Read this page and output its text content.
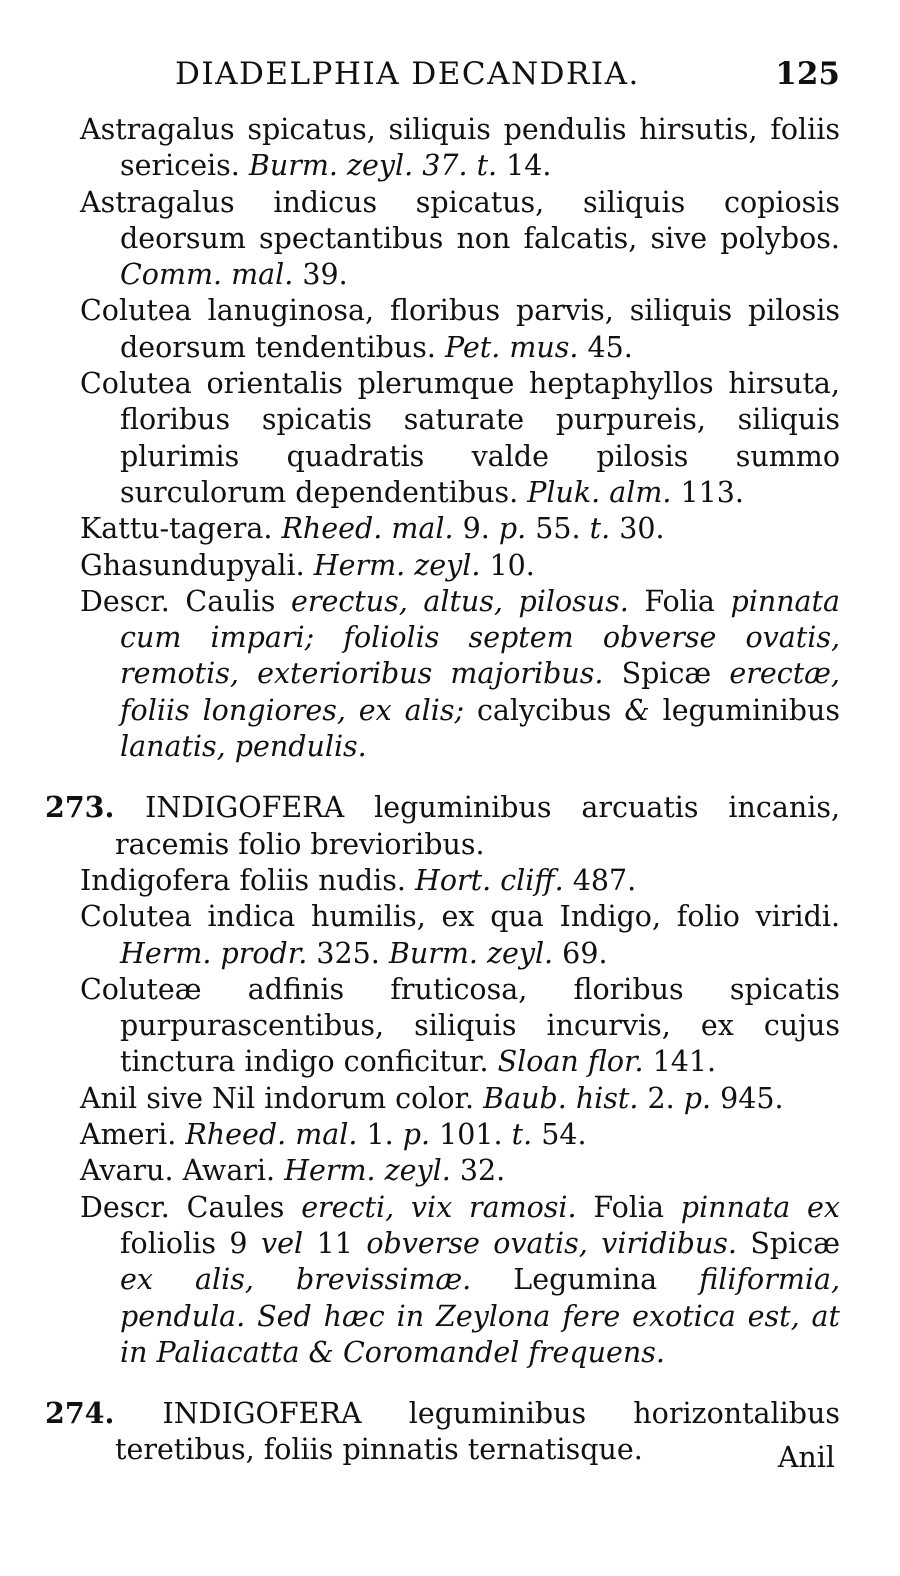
DIADELPHIA DECANDRIA.	125

Astragalus spicatus, siliquis pendulis hirsutis, foliis sericeis. Burm. zeyl. 37. t. 14.

Astragalus indicus spicatus, siliquis copiosis deorsum spectantibus non falcatis, sive polybos. Comm. mal. 39.

Colutea lanuginosa, floribus parvis, siliquis pilosis deorsum tendentibus. Pet. mus. 45.

Colutea orientalis plerumque heptaphyllos hirsuta, floribus spicatis saturate purpureis, siliquis plurimis quadratis valde pilosis summo surculorum dependentibus. Pluk. alm. 113.

Kattu-tagera. Rheed. mal. 9. p. 55. t. 30.

Ghasundupyali. Herm. zeyl. 10.

Descr. Caulis erectus, altus, pilosus. Folia pinnata cum impari; foliolis septem obverse ovatis, remotis, exterioribus majoribus. Spicæ erectæ, foliis longiores, ex alis; calycibus & leguminibus lanatis, pendulis.

273. INDIGOFERA leguminibus arcuatis incanis, racemis folio brevioribus.

Indigofera foliis nudis. Hort. cliff. 487.

Colutea indica humilis, ex qua Indigo, folio viridi. Herm. prodr. 325. Burm. zeyl. 69.

Coluteæ adfinis fruticosa, floribus spicatis purpurascentibus, siliquis incurvis, ex cujus tinctura indigo conficitur. Sloan flor. 141.

Anil sive Nil indorum color. Baub. hist. 2. p. 945.

Ameri. Rheed. mal. 1. p. 101. t. 54.

Avaru. Awari. Herm. zeyl. 32.

Descr. Caules erecti, vix ramosi. Folia pinnata ex foliolis 9 vel 11 obverse ovatis, viridibus. Spicæ ex alis, brevissimæ. Legumina filiformia, pendula. Sed hæc in Zeylona fere exotica est, at in Paliacatta & Coromandel frequens.

274. INDIGOFERA leguminibus horizontalibus teretibus, foliis pinnatis ternatisque.	Anil
